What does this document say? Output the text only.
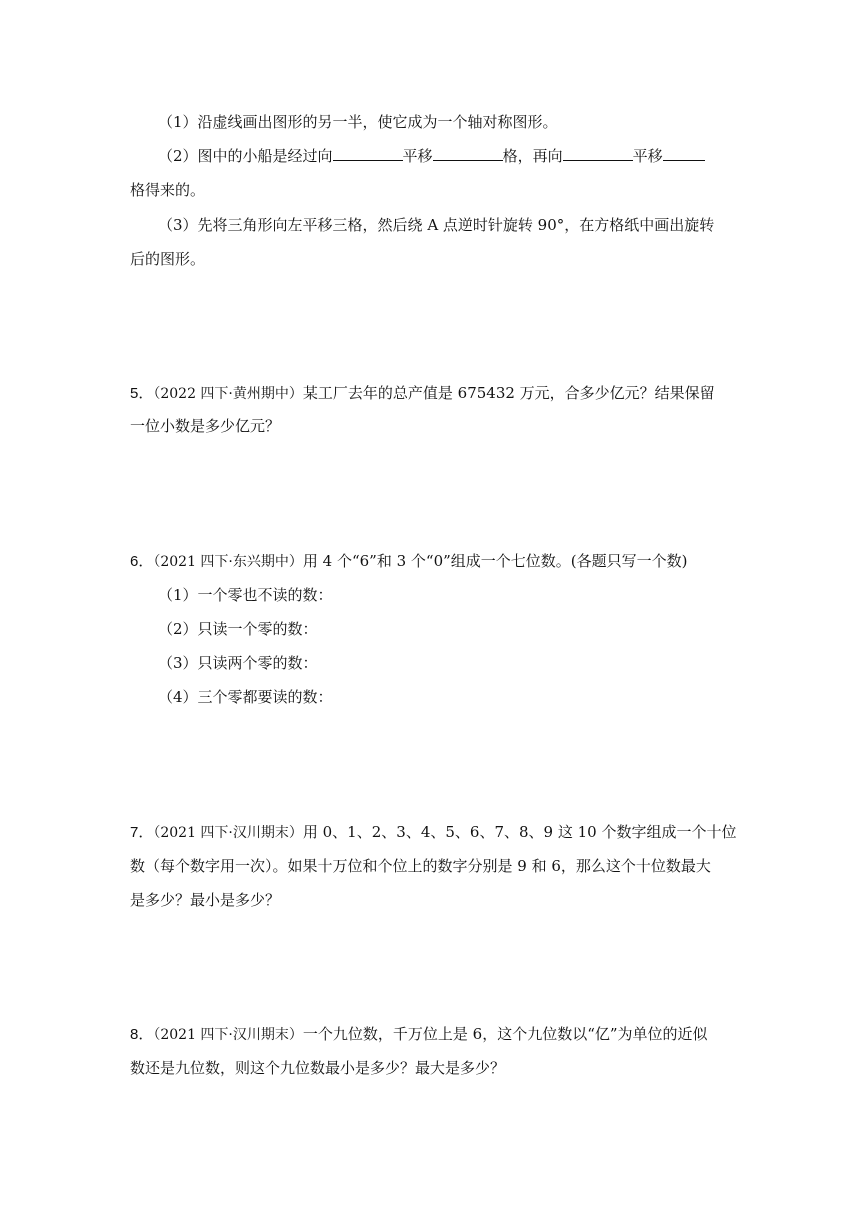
（1）沿虚线画出图形的另一半，使它成为一个轴对称图形。
（2）图中的小船是经过向	平移	格，再向	平移
格得来的。
（3）先将三角形向左平移三格，然后绕 A 点逆时针旋转 90°，在方格纸中画出旋转
后的图形。
5．（2022 四下·黄州期中）某工厂去年的总产值是 675432 万元，合多少亿元？结果保留
一位小数是多少亿元？
6．（2021 四下·东兴期中）用 4 个“6”和 3 个“0”组成一个七位数。(各题只写一个数)
（1）一个零也不读的数：
（2）只读一个零的数：
（3）只读两个零的数：
（4）三个零都要读的数：
7．（2021 四下·汉川期末）用 0、1、2、3、4、5、6、7、8、9 这 10 个数字组成一个十位
数（每个数字用一次）。如果十万位和个位上的数字分别是 9 和 6，那么这个十位数最大
是多少？最小是多少？
8．（2021 四下·汉川期末）一个九位数，千万位上是 6，这个九位数以“亿”为单位的近似
数还是九位数，则这个九位数最小是多少？最大是多少？
